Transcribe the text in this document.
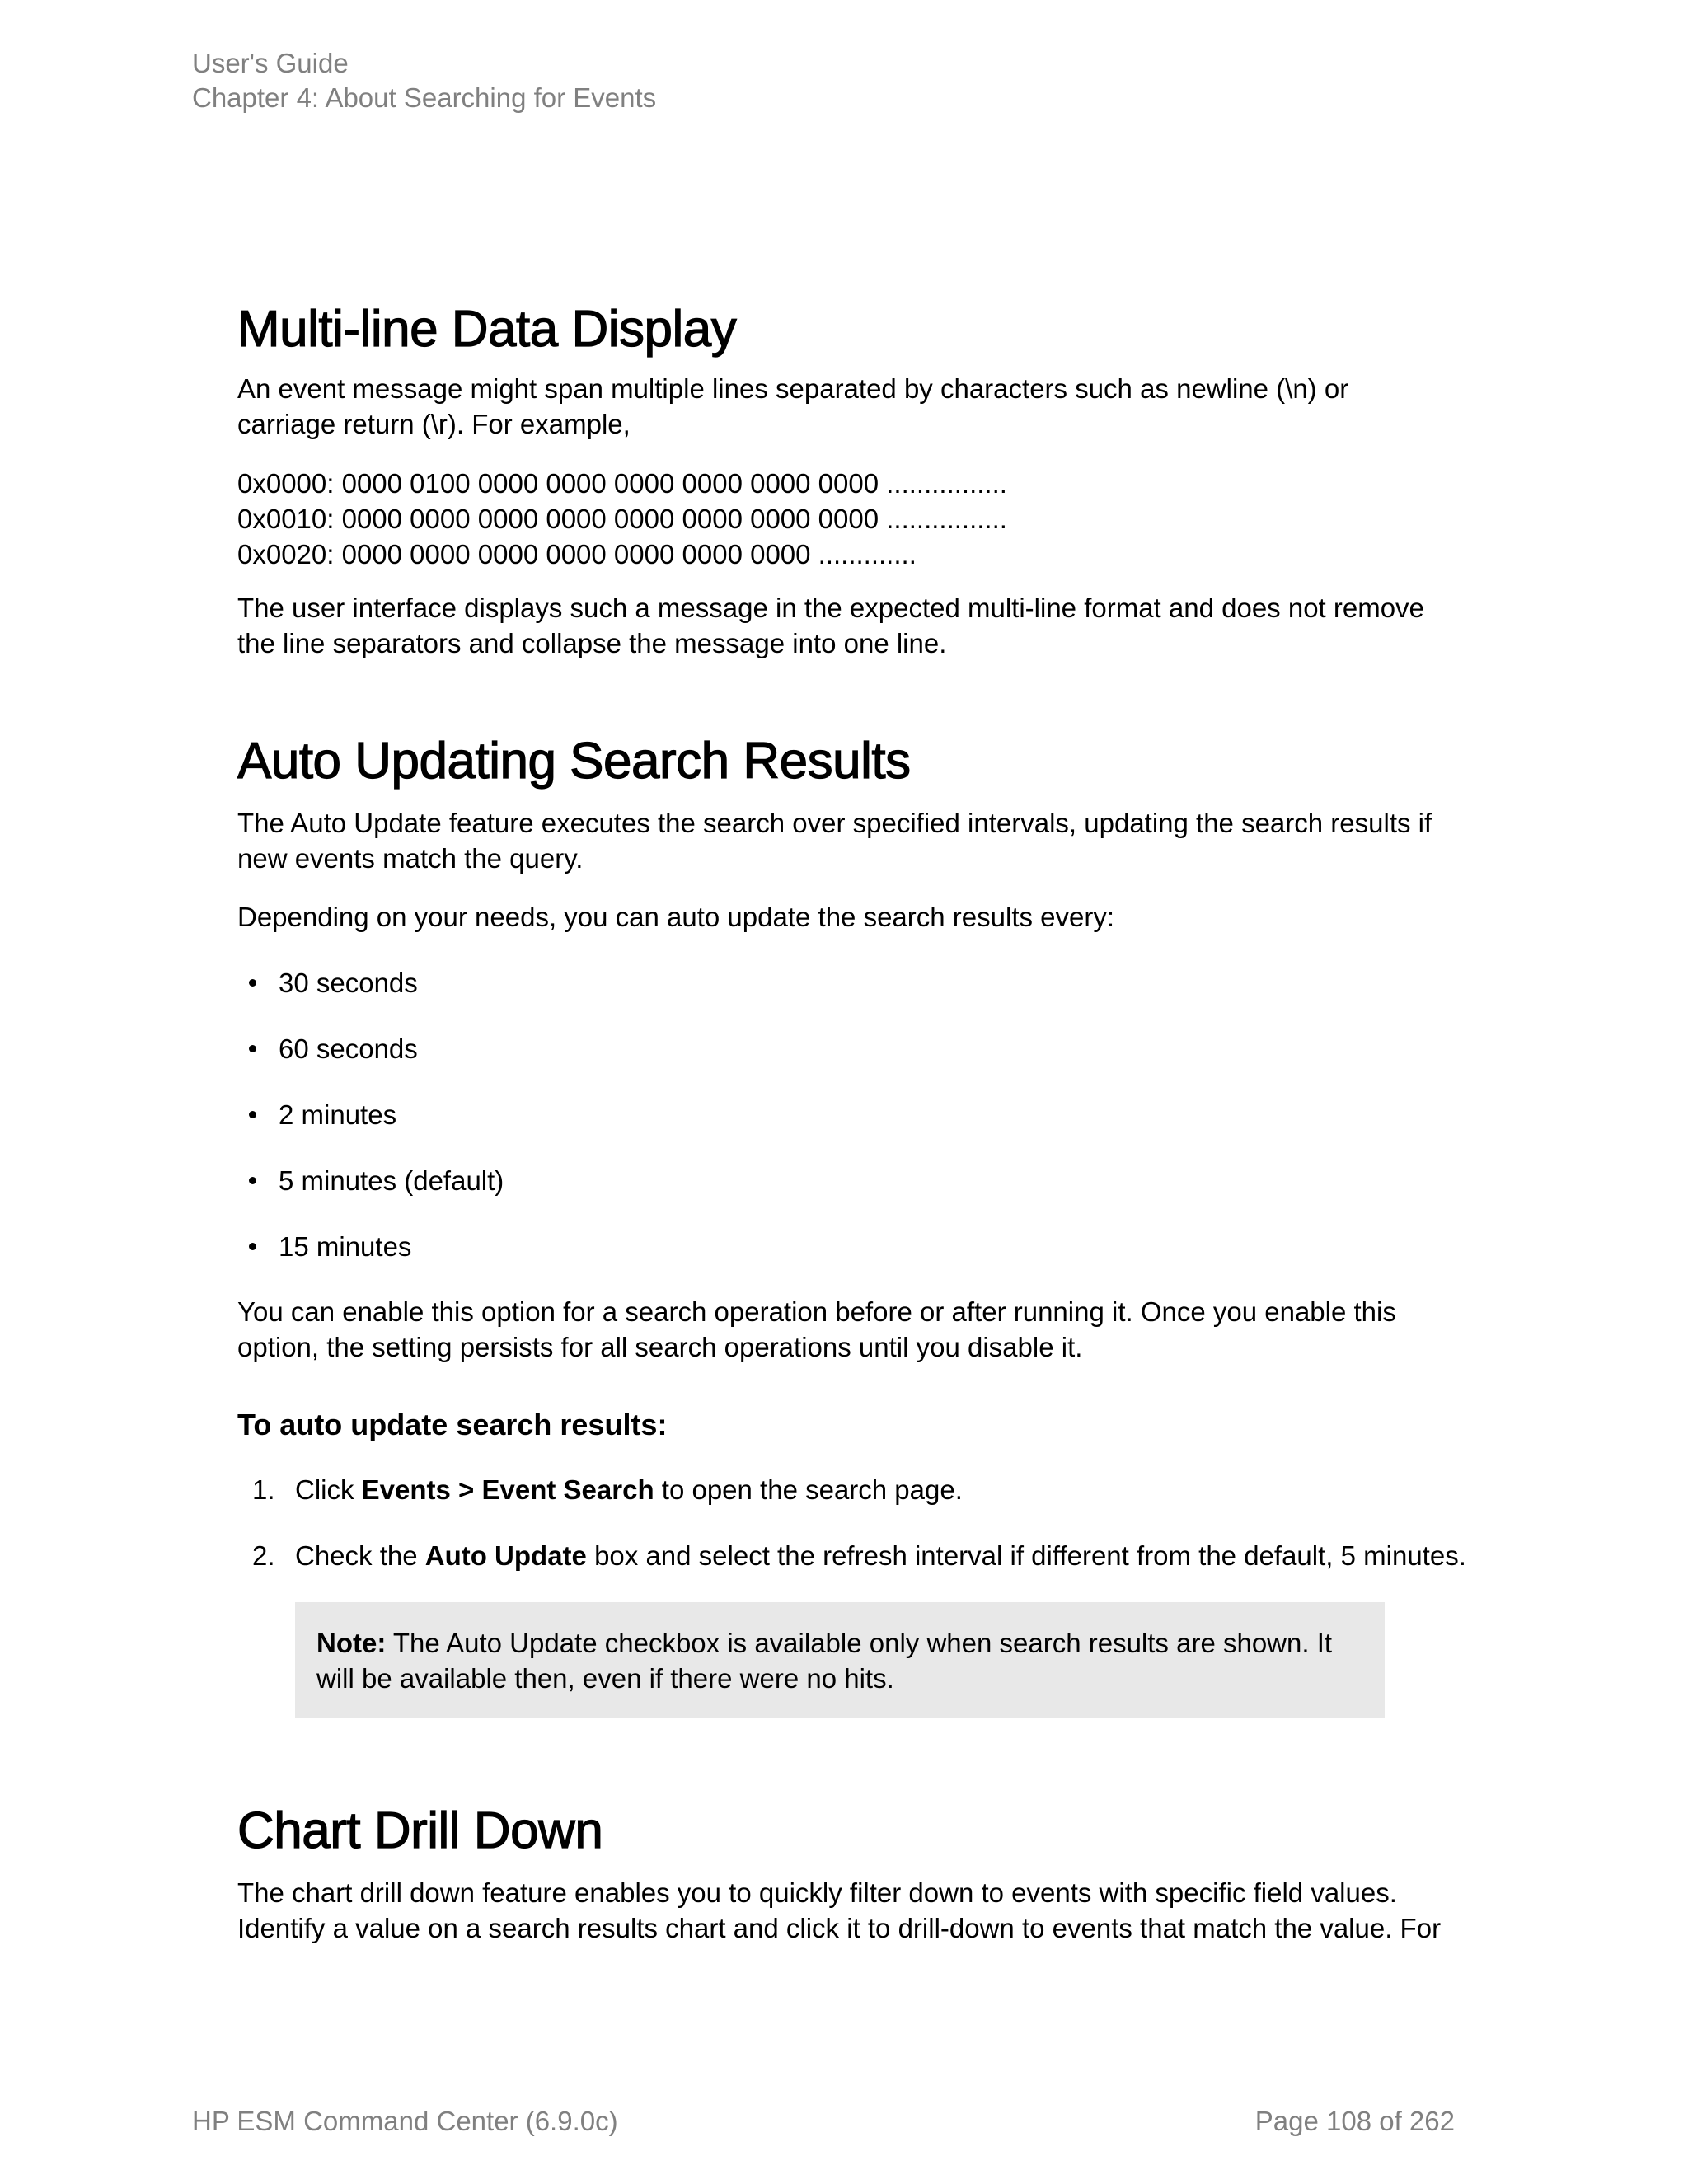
User's Guide
Chapter 4: About Searching for Events
Multi-line Data Display

An event message might span multiple lines separated by characters such as newline (\n) or carriage return (\r). For example,

0x0000: 0000 0100 0000 0000 0000 0000 0000 0000 ................
0x0010: 0000 0000 0000 0000 0000 0000 0000 0000 ................
0x0020: 0000 0000 0000 0000 0000 0000 0000 .............

The user interface displays such a message in the expected multi-line format and does not remove the line separators and collapse the message into one line.

Auto Updating Search Results

The Auto Update feature executes the search over specified intervals, updating the search results if new events match the query.

Depending on your needs, you can auto update the search results every:

30 seconds
60 seconds
2 minutes
5 minutes (default)
15 minutes

You can enable this option for a search operation before or after running it. Once you enable this option, the setting persists for all search operations until you disable it.

To auto update search results:
1. Click Events > Event Search to open the search page.
2. Check the Auto Update box and select the refresh interval if different from the default, 5 minutes.
Note: The Auto Update checkbox is available only when search results are shown. It will be available then, even if there were no hits.
Chart Drill Down

The chart drill down feature enables you to quickly filter down to events with specific field values. Identify a value on a search results chart and click it to drill-down to events that match the value. For

HP ESM Command Center (6.9.0c)	Page 108 of 262
